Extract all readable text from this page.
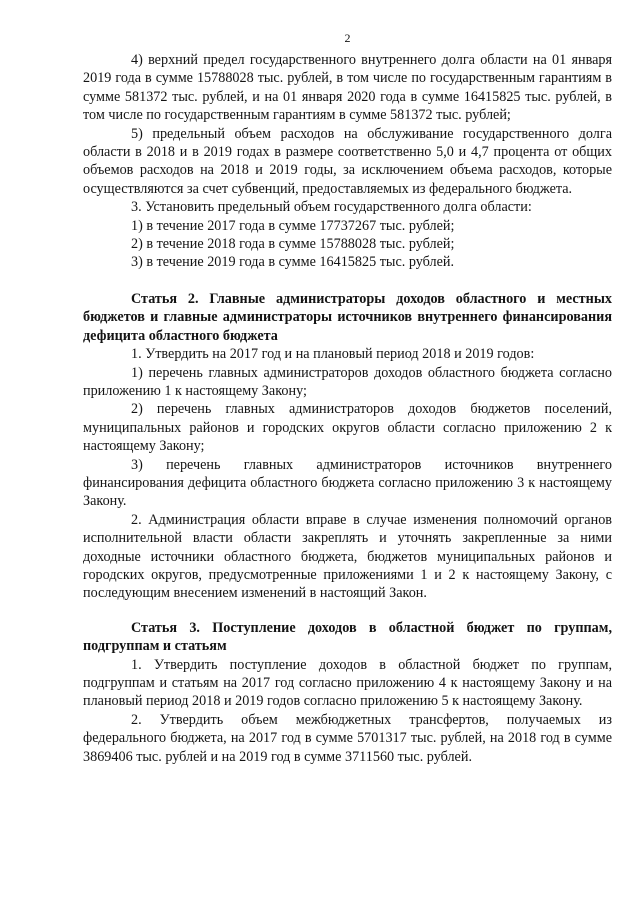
2

4) верхний предел государственного внутреннего долга области на 01 января 2019 года в сумме 15788028 тыс. рублей, в том числе по государственным гарантиям в сумме 581372 тыс. рублей, и на 01 января 2020 года в сумме 16415825 тыс. рублей, в том числе по государственным гарантиям в сумме 581372 тыс. рублей;

5) предельный объем расходов на обслуживание государственного долга области в 2018 и в 2019 годах в размере соответственно 5,0 и 4,7 процента от общих объемов расходов на 2018 и 2019 годы, за исключением объема расходов, которые осуществляются за счет субвенций, предоставляемых из федерального бюджета.

3. Установить предельный объем государственного долга области:

1) в течение 2017 года в сумме 17737267 тыс. рублей;

2) в течение 2018 года в сумме 15788028 тыс. рублей;

3) в течение 2019 года в сумме 16415825 тыс. рублей.

Статья 2. Главные администраторы доходов областного и местных бюджетов и главные администраторы источников внутреннего финансирования дефицита областного бюджета

1. Утвердить на 2017 год и на плановый период 2018 и 2019 годов:

1) перечень главных администраторов доходов областного бюджета согласно приложению 1 к настоящему Закону;

2) перечень главных администраторов доходов бюджетов поселений, муниципальных районов и городских округов области согласно приложению 2 к настоящему Закону;

3) перечень главных администраторов источников внутреннего финансирования дефицита областного бюджета согласно приложению 3 к настоящему Закону.

2. Администрация области вправе в случае изменения полномочий органов исполнительной власти области закреплять и уточнять закрепленные за ними доходные источники областного бюджета, бюджетов муниципальных районов и городских округов, предусмотренные приложениями 1 и 2 к настоящему Закону, с последующим внесением изменений в настоящий Закон.

Статья 3. Поступление доходов в областной бюджет по группам, подгруппам и статьям

1. Утвердить поступление доходов в областной бюджет по группам, подгруппам и статьям на 2017 год согласно приложению 4 к настоящему Закону и на плановый период 2018 и 2019 годов согласно приложению 5 к настоящему Закону.

2. Утвердить объем межбюджетных трансфертов, получаемых из федерального бюджета, на 2017 год в сумме 5701317 тыс. рублей, на 2018 год в сумме 3869406 тыс. рублей и на 2019 год в сумме 3711560 тыс. рублей.
